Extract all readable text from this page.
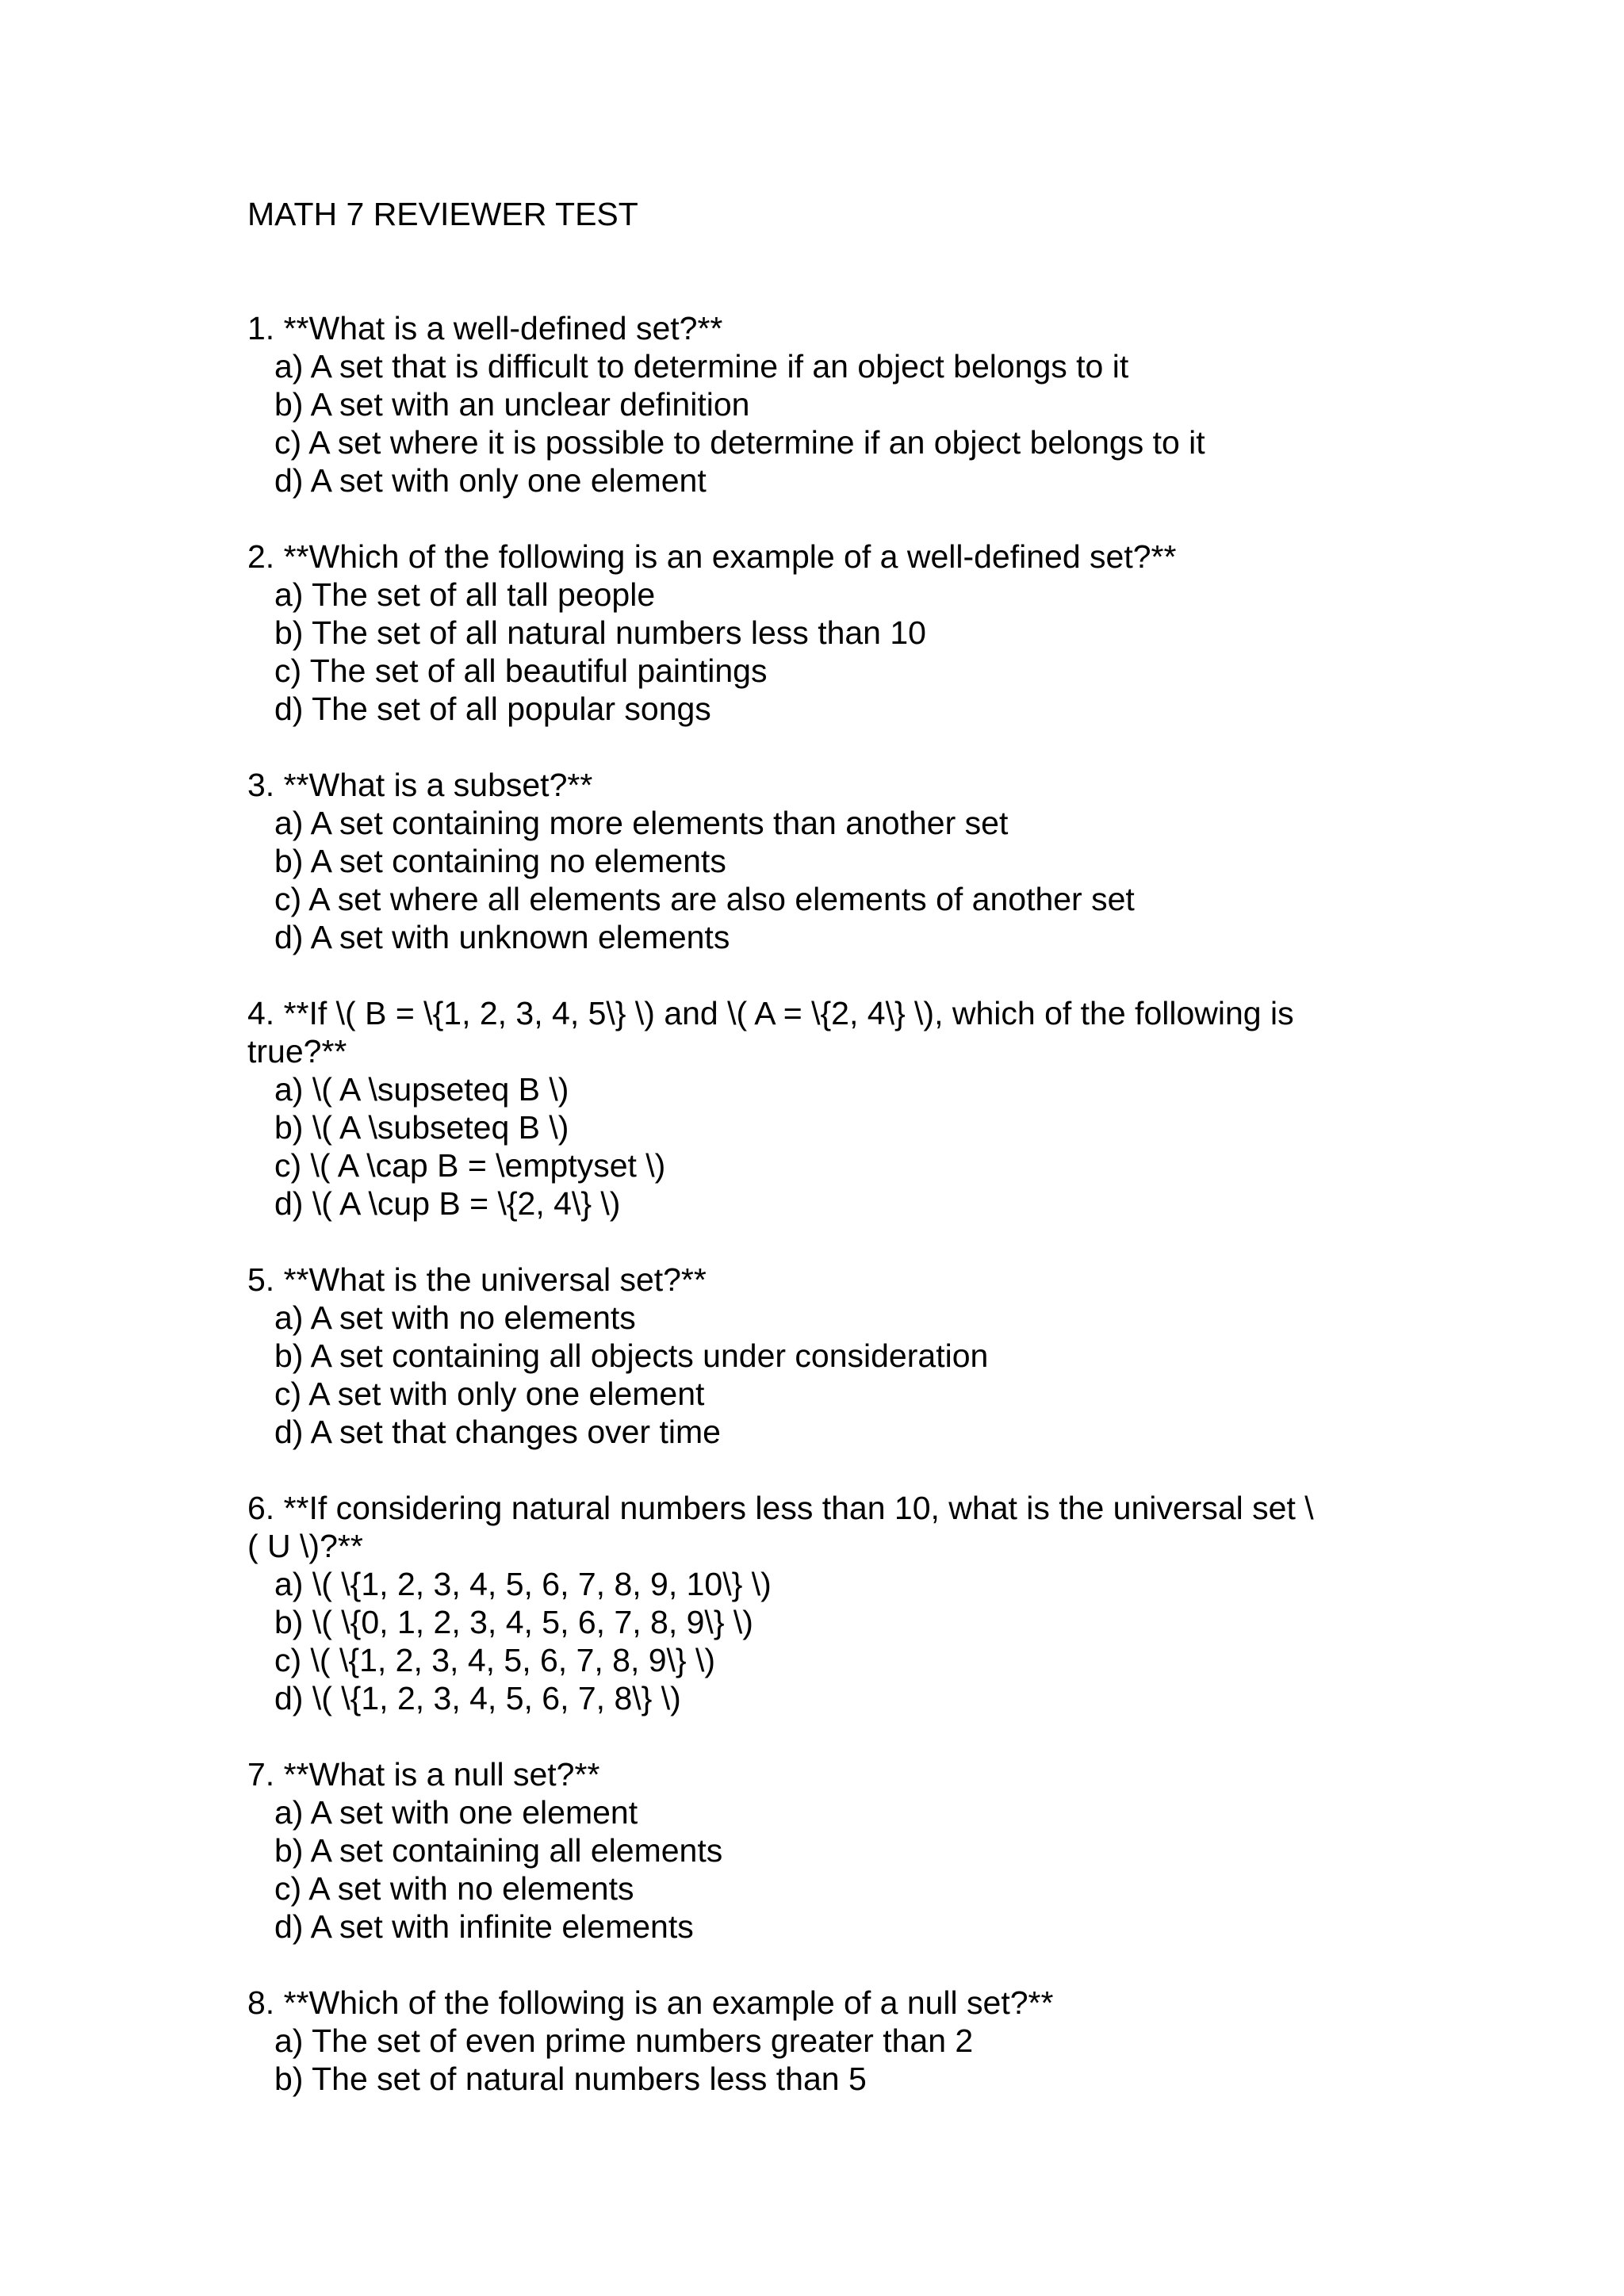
MATH 7 REVIEWER TEST

1. **What is a well-defined set?**

a) A set that is difficult to determine if an object belongs to it
b) A set with an unclear definition
c) A set where it is possible to determine if an object belongs to it
d) A set with only one element

2. **Which of the following is an example of a well-defined set?**

a) The set of all tall people
b) The set of all natural numbers less than 10
c) The set of all beautiful paintings
d) The set of all popular songs

3. **What is a subset?**

a) A set containing more elements than another set
b) A set containing no elements
c) A set where all elements are also elements of another set
d) A set with unknown elements

4. **If \( B = \{1, 2, 3, 4, 5\} \) and \( A = \{2, 4\} \), which of the following is
true?**

a) \( A \supseteq B \)
b) \( A \subseteq B \)
c) \( A \cap B = \emptyset \)
d) \( A \cup B = \{2, 4\} \)

5. **What is the universal set?**

a) A set with no elements
b) A set containing all objects under consideration
c) A set with only one element
d) A set that changes over time

6. **If considering natural numbers less than 10, what is the universal set \
( U \)?**

a) \( \{1, 2, 3, 4, 5, 6, 7, 8, 9, 10\} \)
b) \( \{0, 1, 2, 3, 4, 5, 6, 7, 8, 9\} \)
c) \( \{1, 2, 3, 4, 5, 6, 7, 8, 9\} \)
d) \( \{1, 2, 3, 4, 5, 6, 7, 8\} \)

7. **What is a null set?**

a) A set with one element
b) A set containing all elements
c) A set with no elements
d) A set with infinite elements

8. **Which of the following is an example of a null set?**

a) The set of even prime numbers greater than 2
b) The set of natural numbers less than 5
